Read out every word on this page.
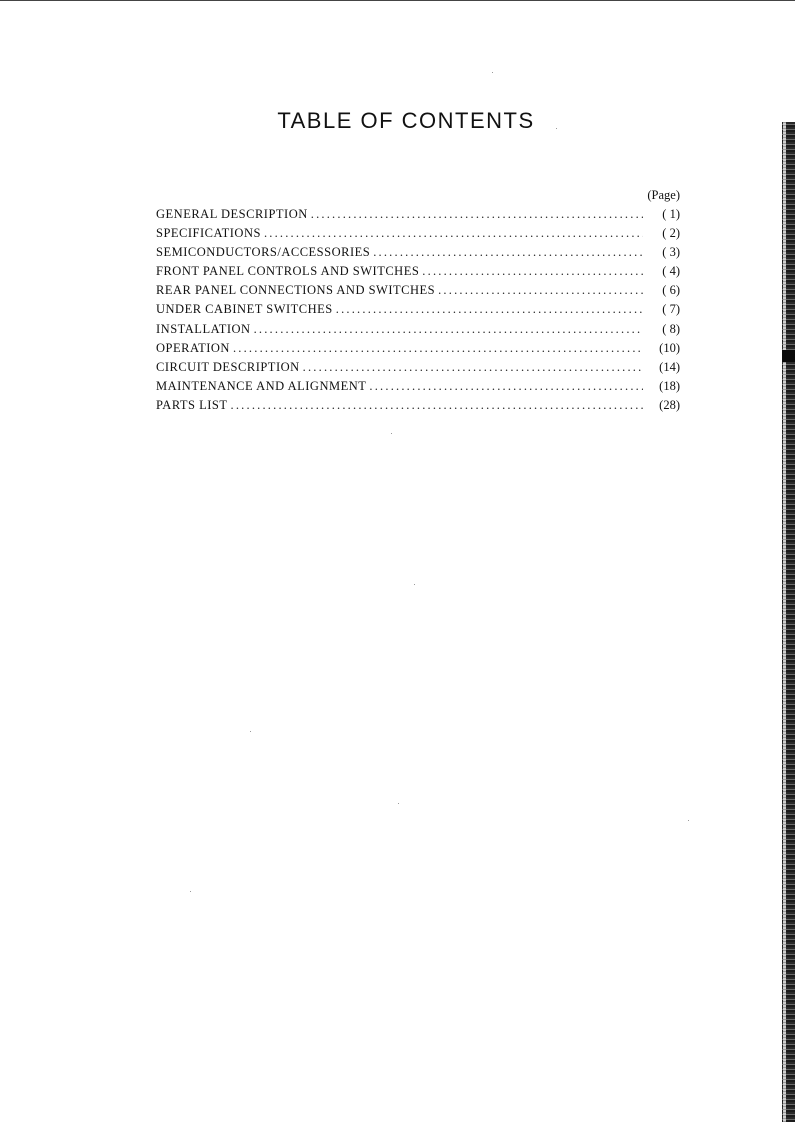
TABLE OF CONTENTS
(Page)
GENERAL DESCRIPTION .....	( 1)
SPECIFICATIONS .....	( 2)
SEMICONDUCTORS/ACCESSORIES .....	( 3)
FRONT PANEL CONTROLS AND SWITCHES .....	( 4)
REAR PANEL CONNECTIONS AND SWITCHES .....	( 6)
UNDER CABINET SWITCHES .....	( 7)
INSTALLATION .....	( 8)
OPERATION .....	(10)
CIRCUIT DESCRIPTION .....	(14)
MAINTENANCE AND ALIGNMENT .....	(18)
PARTS LIST .....	(28)
